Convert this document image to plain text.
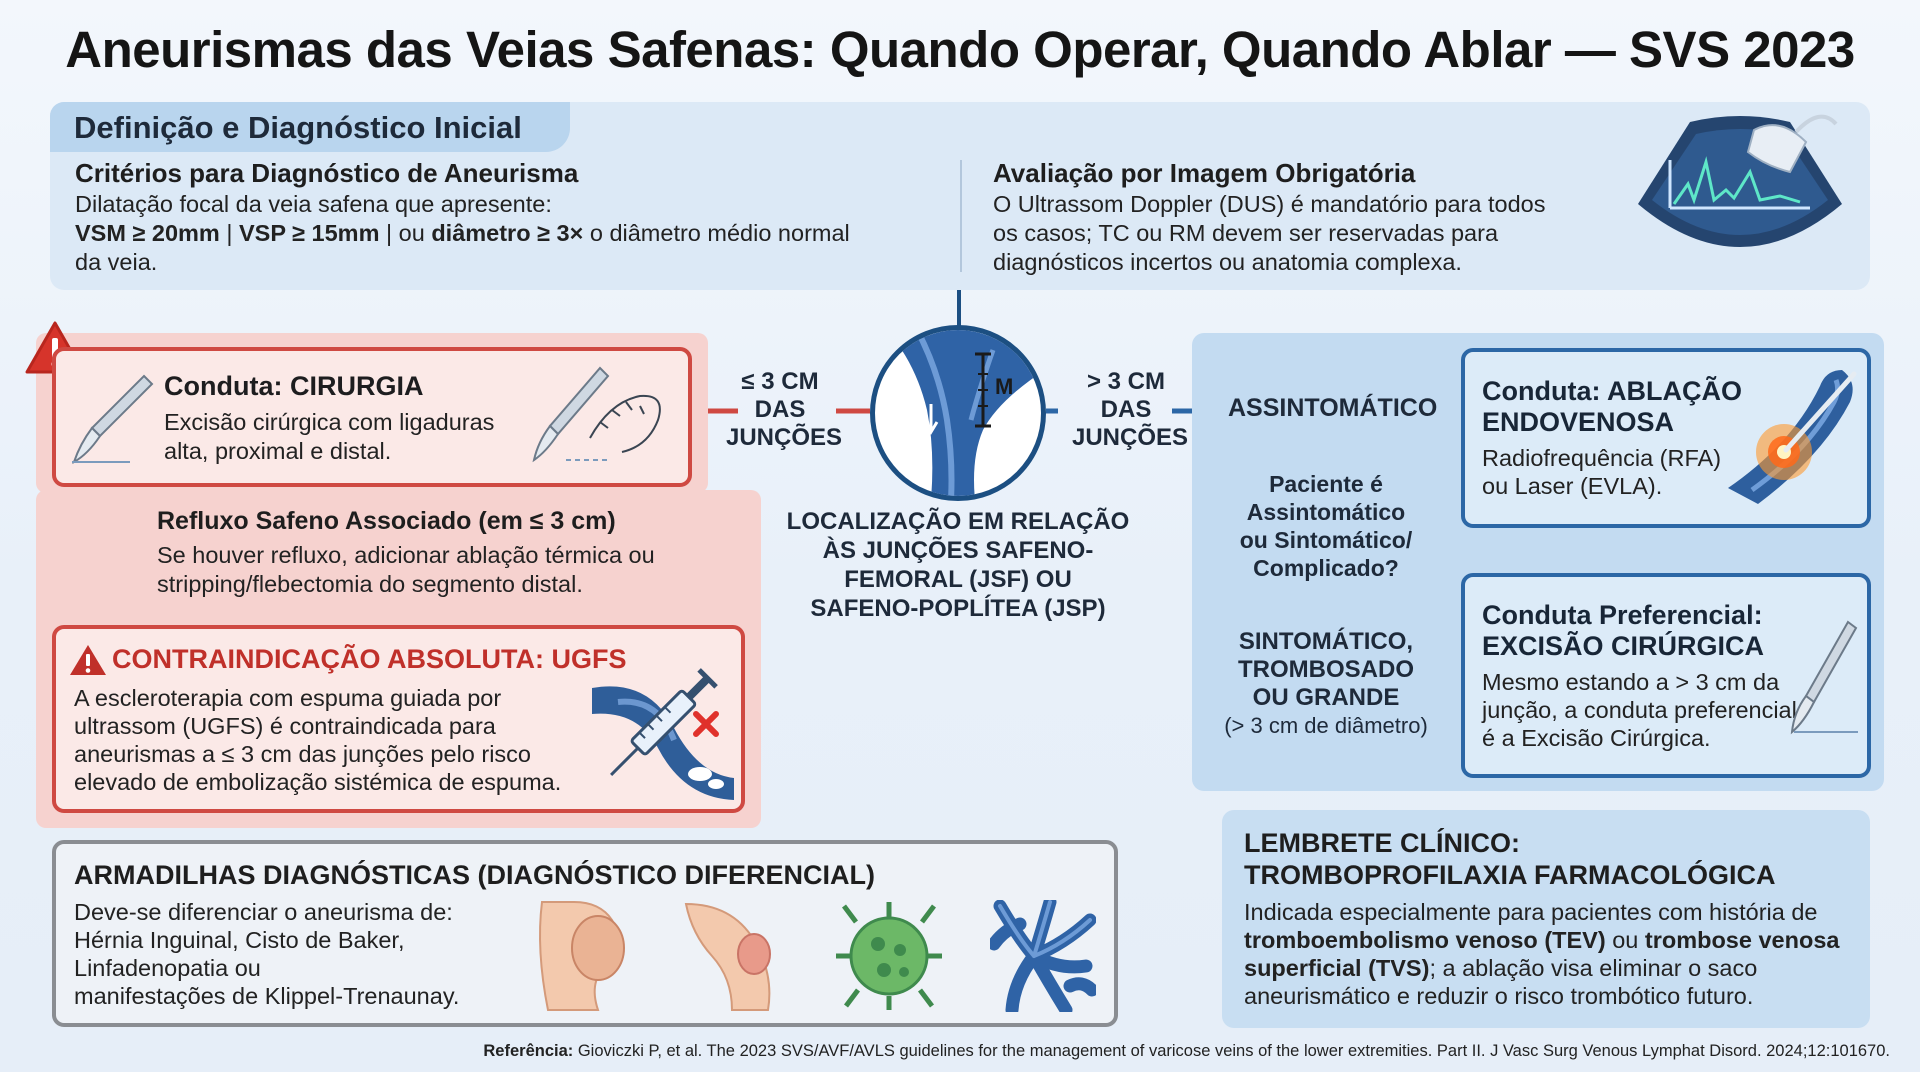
Aneurismas das Veias Safenas: Quando Operar, Quando Ablar — SVS 2023
Definição e Diagnóstico Inicial
Critérios para Diagnóstico de Aneurisma
Dilatação focal da veia safena que apresente:
VSM ≥ 20mm | VSP ≥ 15mm | ou diâmetro ≥ 3× o diâmetro médio normal
da veia.
Avaliação por Imagem Obrigatória
O Ultrassom Doppler (DUS) é mandatório para todos
os casos; TC ou RM devem ser reservadas para
diagnósticos incertos ou anatomia complexa.
Conduta: CIRURGIA
Excisão cirúrgica com ligaduras
alta, proximal e distal.
Refluxo Safeno Associado (em ≤ 3 cm)
Se houver refluxo, adicionar ablação térmica ou
stripping/flebectomia do segmento distal.
CONTRAINDICAÇÃO ABSOLUTA: UGFS
A escleroterapia com espuma guiada por
ultrassom (UGFS) é contraindicada para
aneurismas a ≤ 3 cm das junções pelo risco
elevado de embolização sistémica de espuma.
≤ 3 CM
DAS
JUNÇÕES
M	> 3 CM
DAS
JUNÇÕES
LOCALIZAÇÃO EM RELAÇÃO
ÀS JUNÇÕES SAFENO-
FEMORAL (JSF) OU
SAFENO-POPLÍTEA (JSP)
ASSINTOMÁTICO
Paciente é
Assintomático
ou Sintomático/
Complicado?
SINTOMÁTICO,
TROMBOSADO
OU GRANDE
(> 3 cm de diâmetro)
Conduta: ABLAÇÃO
ENDOVENOSA
Radiofrequência (RFA)
ou Laser (EVLA).
Conduta Preferencial:
EXCISÃO CIRÚRGICA
Mesmo estando a > 3 cm da
junção, a conduta preferencial
é a Excisão Cirúrgica.
ARMADILHAS DIAGNÓSTICAS (DIAGNÓSTICO DIFERENCIAL)
Deve-se diferenciar o aneurisma de:
Hérnia Inguinal, Cisto de Baker,
Linfadenopatia ou
manifestações de Klippel-Trenaunay.
LEMBRETE CLÍNICO:
TROMBOPROFILAXIA FARMACOLÓGICA
Indicada especialmente para pacientes com história de
tromboembolismo venoso (TEV) ou trombose venosa
superficial (TVS); a ablação visa eliminar o saco
aneurismático e reduzir o risco trombótico futuro.
Referência: Gioviczki P, et al. The 2023 SVS/AVF/AVLS guidelines for the management of varicose veins of the lower extremities. Part II. J Vasc Surg Venous Lymphat Disord. 2024;12:101670.
